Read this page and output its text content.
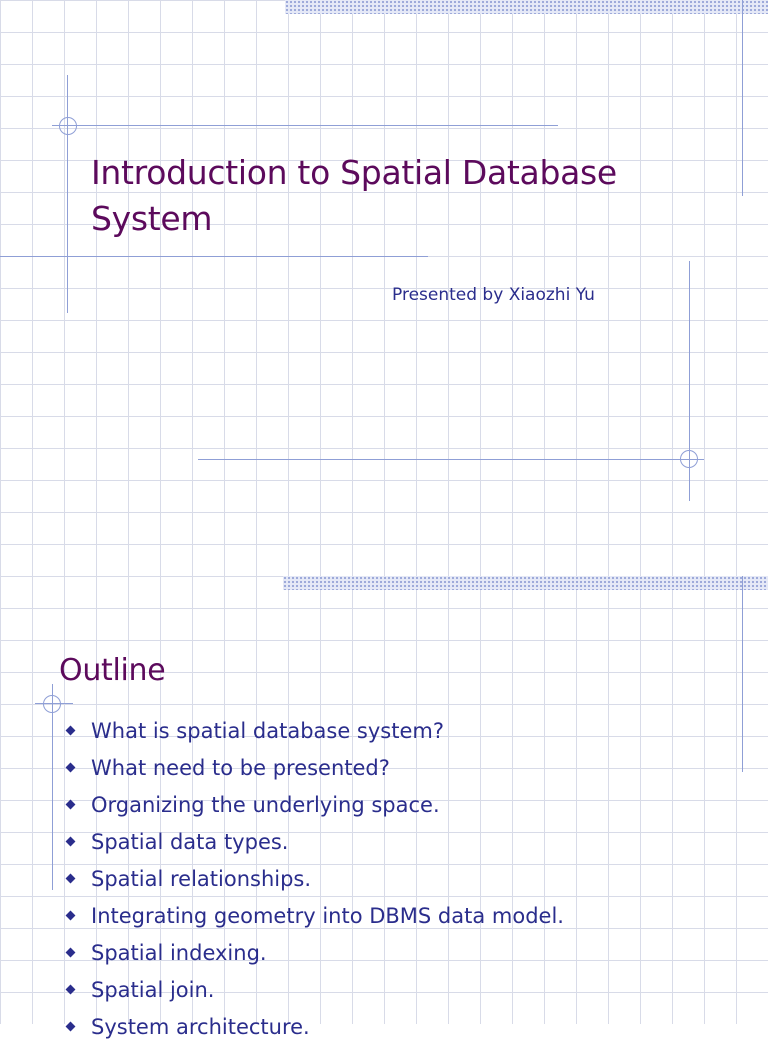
Introduction to Spatial Database System

Presented by Xiaozhi Yu

Outline
What is spatial database system?
What need to be presented?
Organizing the underlying space.
Spatial data types.
Spatial relationships.
Integrating geometry into DBMS data model.
Spatial indexing.
Spatial join.
System architecture.
